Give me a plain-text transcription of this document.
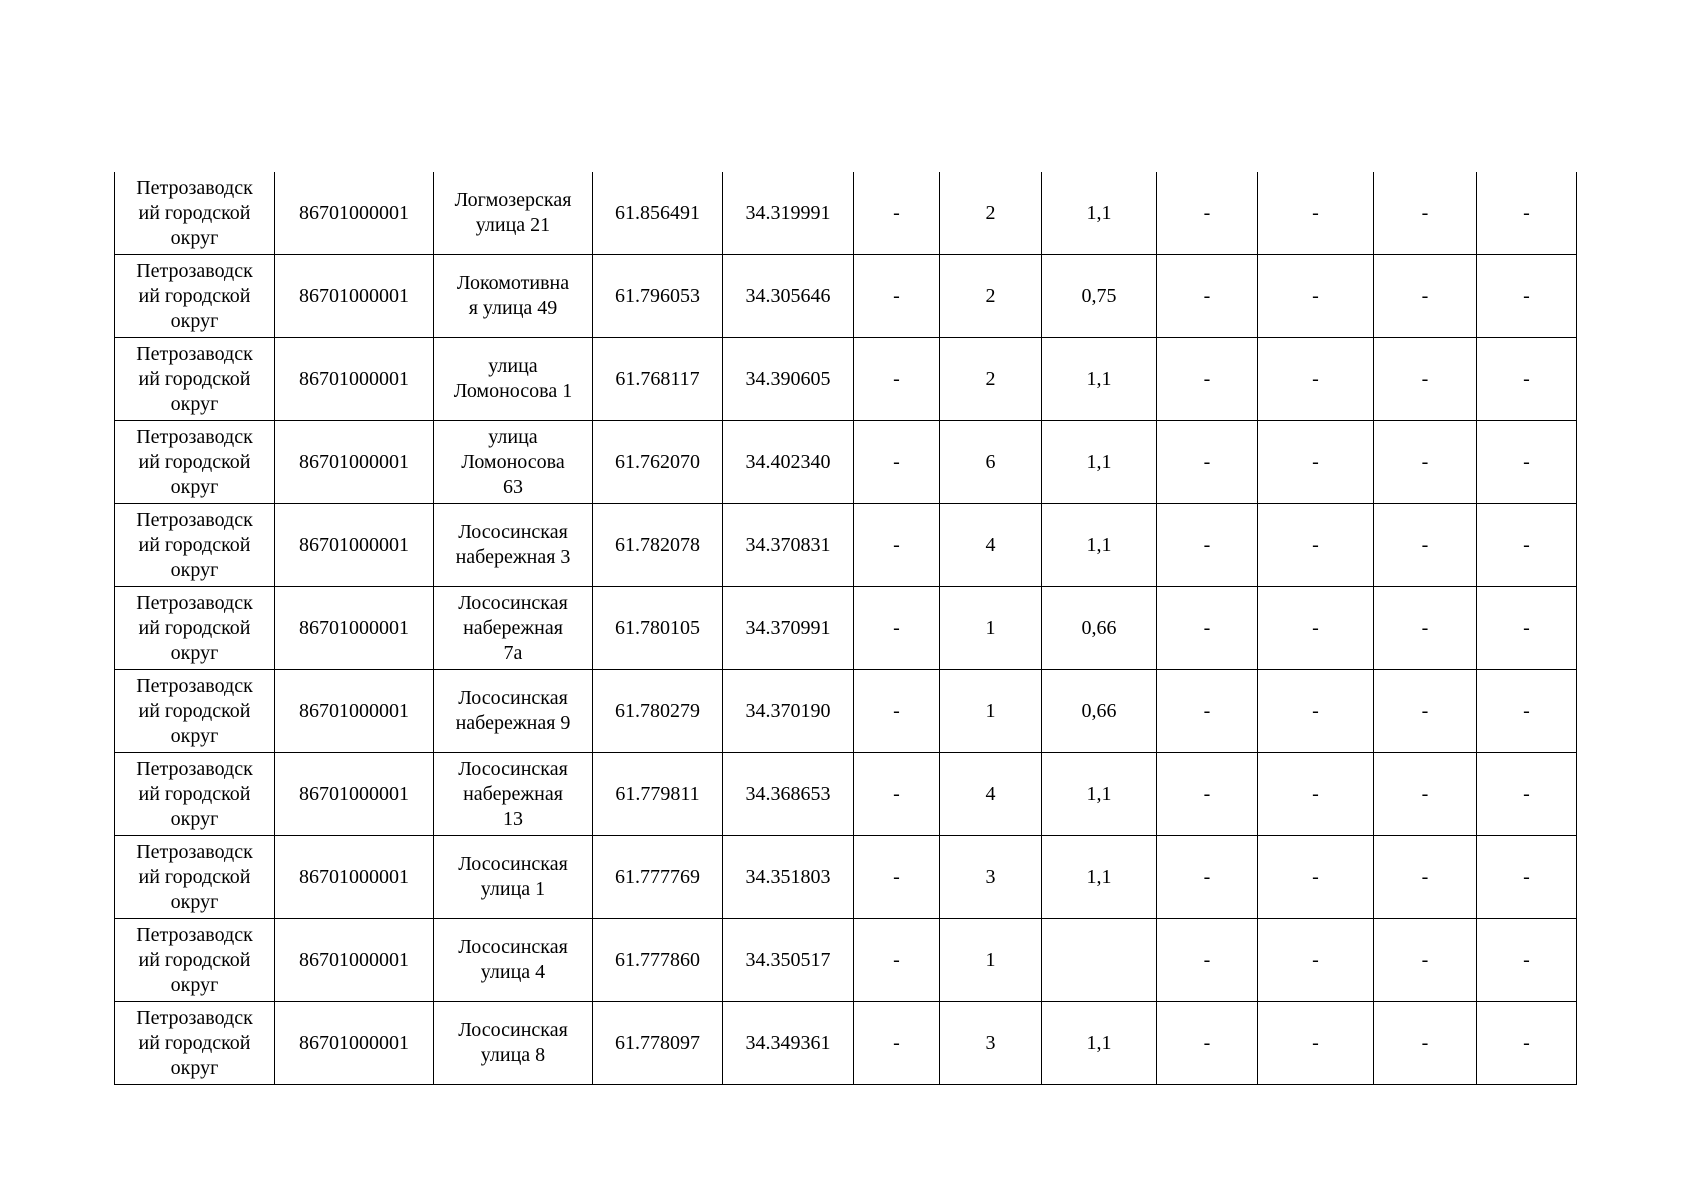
Петрозаводск
ий городской
округ	86701000001	Логмозерская
улица 21	61.856491	34.319991	-	2	1,1	-	-	-	-
Петрозаводск
ий городской
округ	86701000001	Локомотивна
я улица 49	61.796053	34.305646	-	2	0,75	-	-	-	-
Петрозаводск
ий городской
округ	86701000001	улица
Ломоносова 1	61.768117	34.390605	-	2	1,1	-	-	-	-
Петрозаводск
ий городской
округ	86701000001	улица
Ломоносова
63	61.762070	34.402340	-	6	1,1	-	-	-	-
Петрозаводск
ий городской
округ	86701000001	Лососинская
набережная 3	61.782078	34.370831	-	4	1,1	-	-	-	-
Петрозаводск
ий городской
округ	86701000001	Лососинская
набережная
7а	61.780105	34.370991	-	1	0,66	-	-	-	-
Петрозаводск
ий городской
округ	86701000001	Лососинская
набережная 9	61.780279	34.370190	-	1	0,66	-	-	-	-
Петрозаводск
ий городской
округ	86701000001	Лососинская
набережная
13	61.779811	34.368653	-	4	1,1	-	-	-	-
Петрозаводск
ий городской
округ	86701000001	Лососинская
улица 1	61.777769	34.351803	-	3	1,1	-	-	-	-
Петрозаводск
ий городской
округ	86701000001	Лососинская
улица 4	61.777860	34.350517	-	1		-	-	-	-
Петрозаводск
ий городской
округ	86701000001	Лососинская
улица 8	61.778097	34.349361	-	3	1,1	-	-	-	-
